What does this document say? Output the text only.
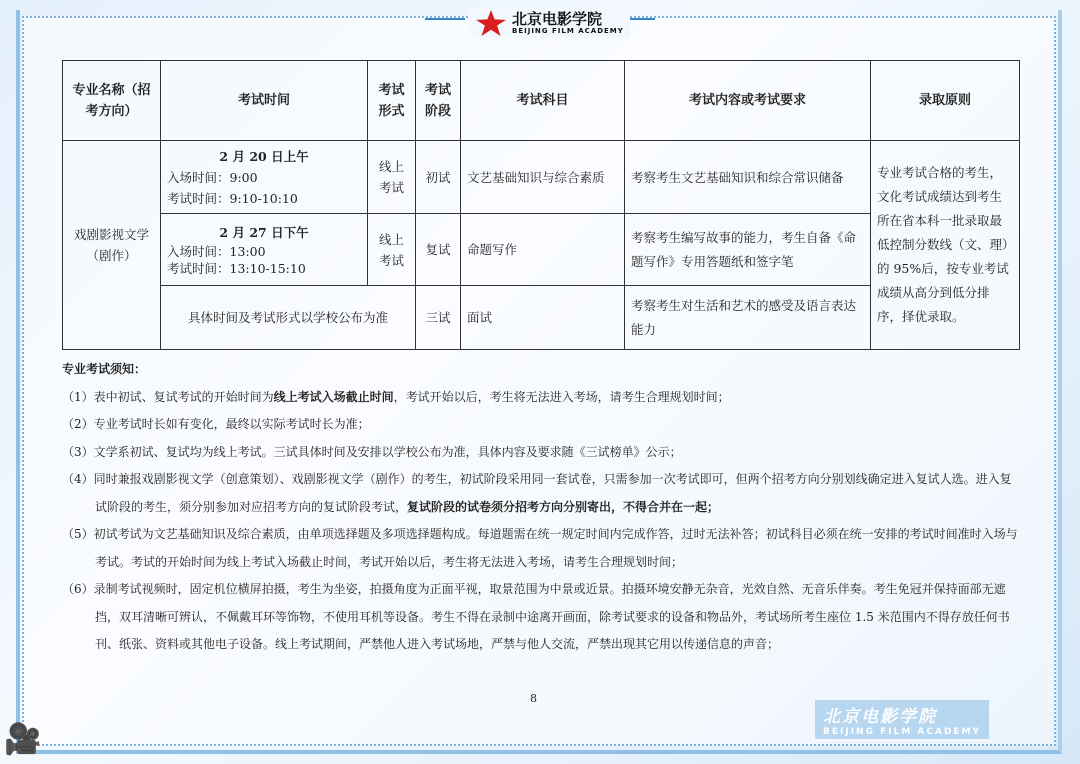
北京电影学院
BEIJING FILM ACADEMY
专业名称（招考方向）	考试时间	考试形式	考试阶段	考试科目	考试内容或考试要求	录取原则
戏剧影视文学（剧作）	2 月 20 日上午
入场时间：9:00
考试时间：9:10-10:10	线上考试	初试	文艺基础知识与综合素质	考察考生文艺基础知识和综合常识储备	专业考试合格的考生，文化考试成绩达到考生所在省本科一批录取最低控制分数线（文、理）的 95%后，按专业考试成绩从高分到低分排序，择优录取。

	2 月 27 日下午
入场时间：13:00
考试时间：13:10-15:10	线上考试	复试	命题写作	考察考生编写故事的能力，考生自备《命题写作》专用答题纸和签字笔	
	具体时间及考试形式以学校公布为准		三试	面试	考察考生对生活和艺术的感受及语言表达能力	
专业考试须知：

（1）表中初试、复试考试的开始时间为线上考试入场截止时间，考试开始以后，考生将无法进入考场，请考生合理规划时间；

（2）专业考试时长如有变化，最终以实际考试时长为准；

（3）文学系初试、复试均为线上考试。三试具体时间及安排以学校公布为准，具体内容及要求随《三试榜单》公示；

（4）同时兼报戏剧影视文学（创意策划）、戏剧影视文学（剧作）的考生，初试阶段采用同一套试卷，只需参加一次考试即可，但两个招考方向分别划线确定进入复试人选。进入复试阶段的考生，须分别参加对应招考方向的复试阶段考试，复试阶段的试卷须分招考方向分别寄出，不得合并在一起；

（5）初试考试为文艺基础知识及综合素质，由单项选择题及多项选择题构成。每道题需在统一规定时间内完成作答，过时无法补答；初试科目必须在统一安排的考试时间准时入场与考试。考试的开始时间为线上考试入场截止时间，考试开始以后，考生将无法进入考场，请考生合理规划时间；

（6）录制考试视频时，固定机位横屏拍摄，考生为坐姿，拍摄角度为正面平视，取景范围为中景或近景。拍摄环境安静无杂音，光效自然、无音乐伴奏。考生免冠并保持面部无遮挡，双耳清晰可辨认，不佩戴耳环等饰物，不使用耳机等设备。考生不得在录制中途离开画面，除考试要求的设备和物品外，考试场所考生座位 1.5 米范围内不得存放任何书刊、纸张、资料或其他电子设备。线上考试期间，严禁他人进入考试场地，严禁与他人交流，严禁出现其它用以传递信息的声音；

8
北京电影学院
BEIJING FILM ACADEMY
🎥
